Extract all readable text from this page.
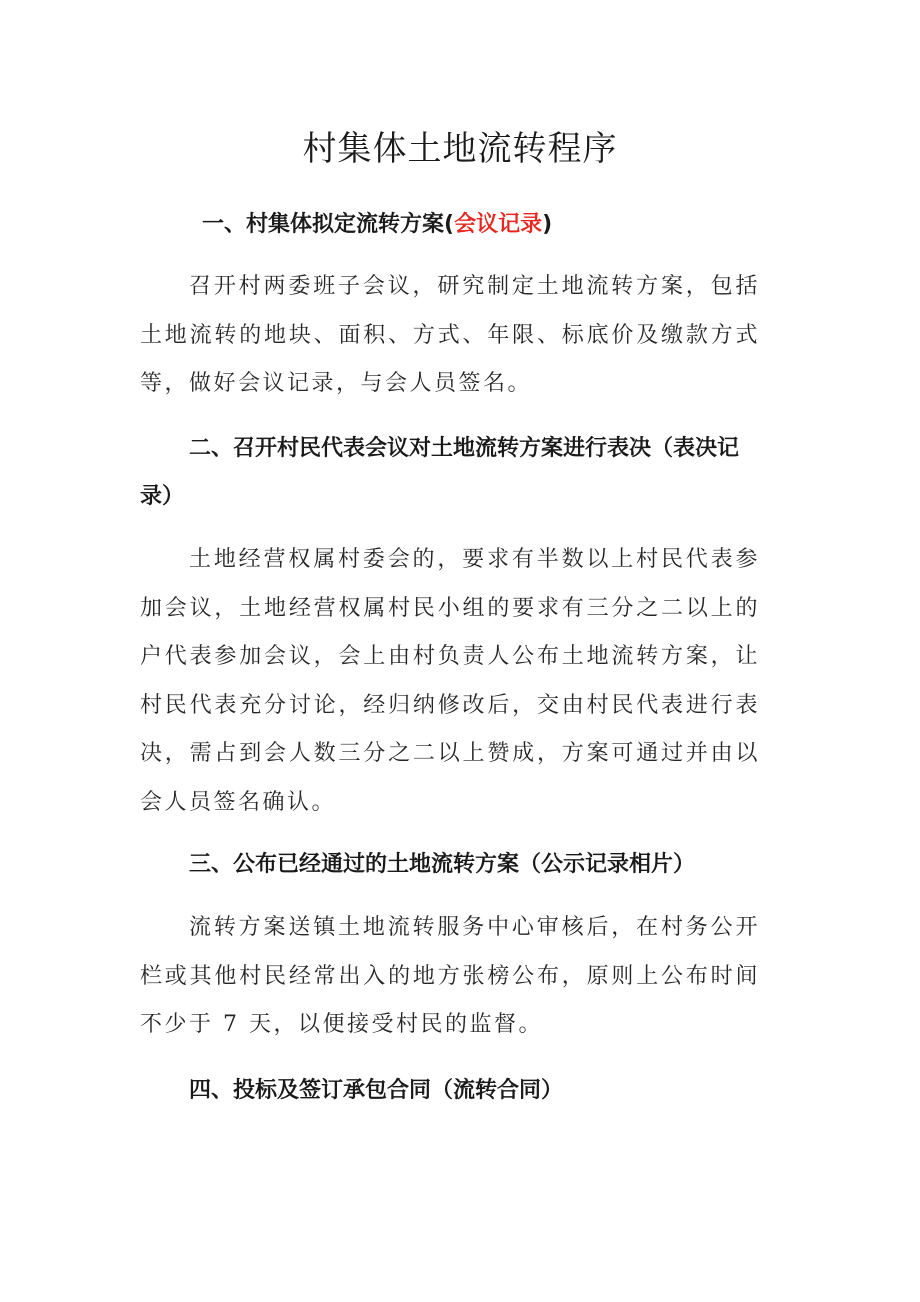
村集体土地流转程序

一、村集体拟定流转方案(会议记录)

召开村两委班子会议，研究制定土地流转方案，包括土地流转的地块、面积、方式、年限、标底价及缴款方式等，做好会议记录，与会人员签名。

二、召开村民代表会议对土地流转方案进行表决（表决记录）

土地经营权属村委会的，要求有半数以上村民代表参加会议，土地经营权属村民小组的要求有三分之二以上的户代表参加会议，会上由村负责人公布土地流转方案，让村民代表充分讨论，经归纳修改后，交由村民代表进行表决，需占到会人数三分之二以上赞成，方案可通过并由以会人员签名确认。

三、公布已经通过的土地流转方案（公示记录相片）

流转方案送镇土地流转服务中心审核后，在村务公开栏或其他村民经常出入的地方张榜公布，原则上公布时间不少于 7 天，以便接受村民的监督。

四、投标及签订承包合同（流转合同）
